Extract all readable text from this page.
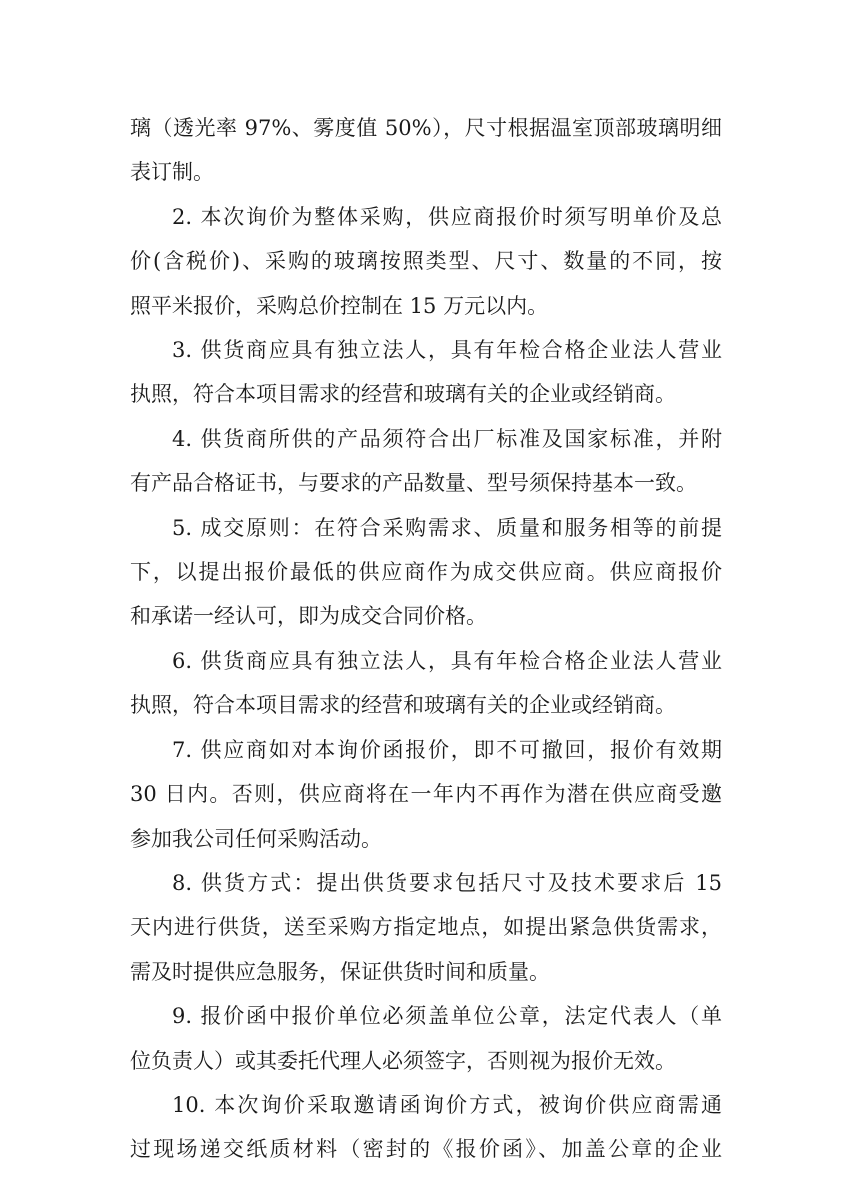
璃（透光率 97%、雾度值 50%），尺寸根据温室顶部玻璃明细
表订制。
2. 本次询价为整体采购，供应商报价时须写明单价及总
价(含税价)、采购的玻璃按照类型、尺寸、数量的不同，按
照平米报价，采购总价控制在 15 万元以内。
3. 供货商应具有独立法人，具有年检合格企业法人营业
执照，符合本项目需求的经营和玻璃有关的企业或经销商。
4. 供货商所供的产品须符合出厂标准及国家标准，并附
有产品合格证书，与要求的产品数量、型号须保持基本一致。
5. 成交原则：在符合采购需求、质量和服务相等的前提
下，以提出报价最低的供应商作为成交供应商。供应商报价
和承诺一经认可，即为成交合同价格。
6. 供货商应具有独立法人，具有年检合格企业法人营业
执照，符合本项目需求的经营和玻璃有关的企业或经销商。
7. 供应商如对本询价函报价，即不可撤回，报价有效期
30 日内。否则，供应商将在一年内不再作为潜在供应商受邀
参加我公司任何采购活动。
8. 供货方式：提出供货要求包括尺寸及技术要求后 15
天内进行供货，送至采购方指定地点，如提出紧急供货需求，
需及时提供应急服务，保证供货时间和质量。
9. 报价函中报价单位必须盖单位公章，法定代表人（单
位负责人）或其委托代理人必须签字，否则视为报价无效。
10. 本次询价采取邀请函询价方式，被询价供应商需通
过现场递交纸质材料（密封的《报价函》、加盖公章的企业
